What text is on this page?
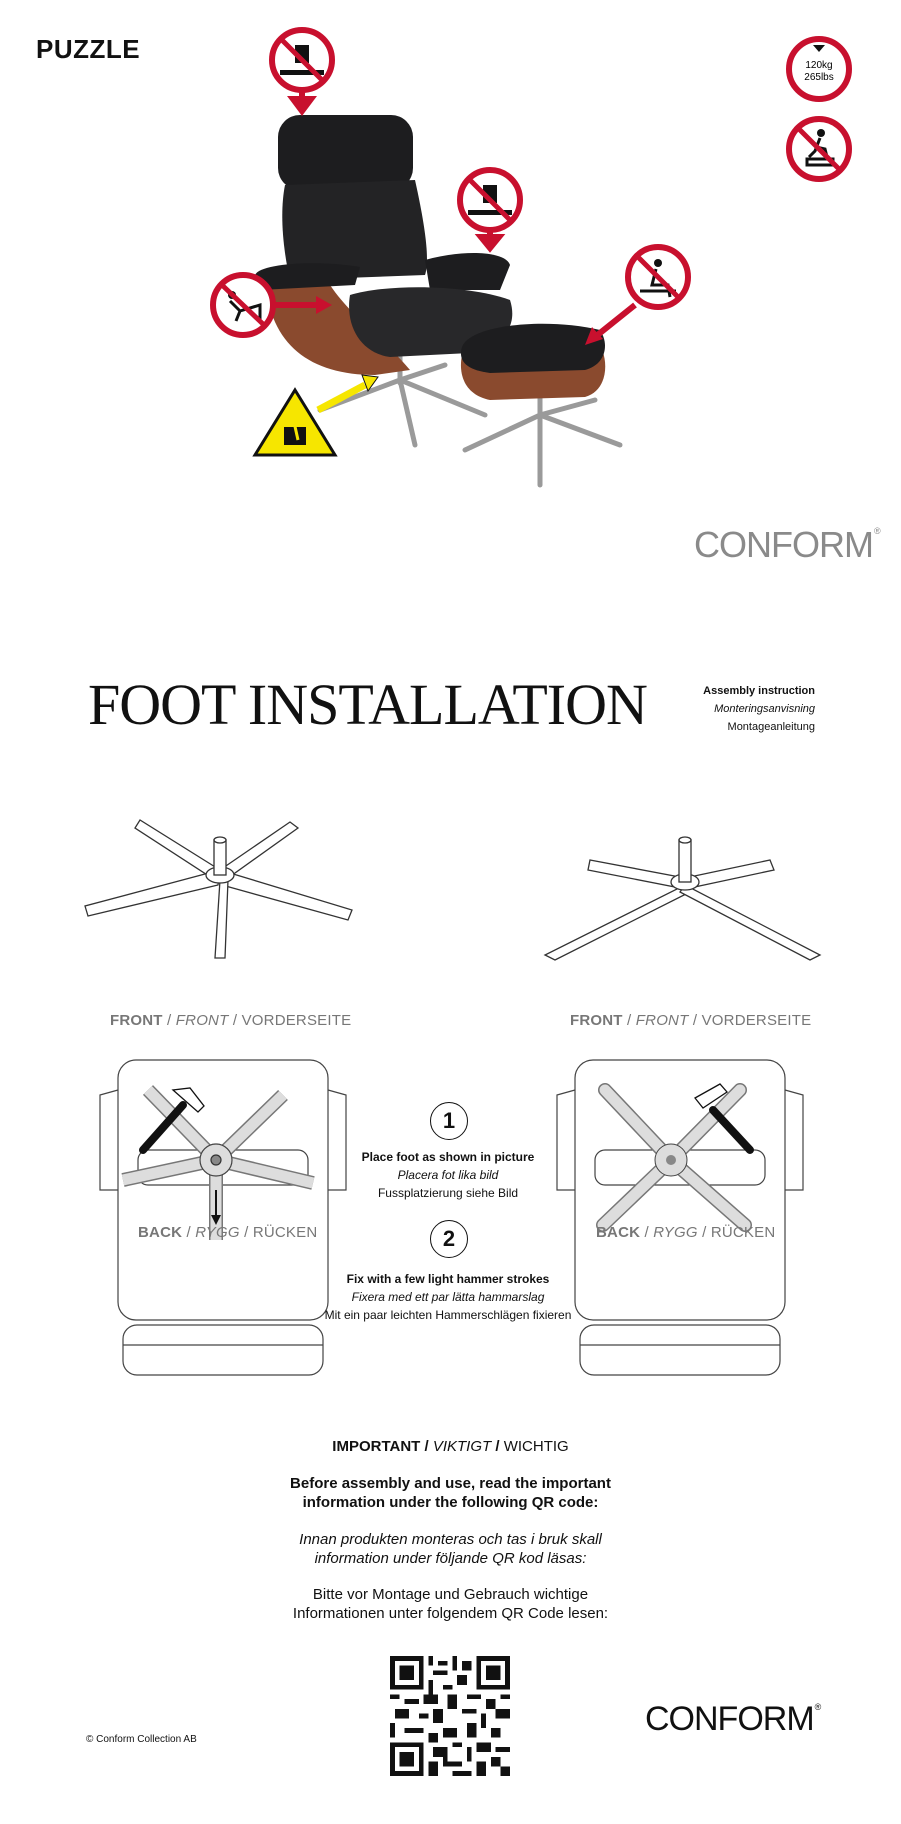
PUZZLE
120kg
265lbs
CONFORM®
FOOT INSTALLATION	Assembly instruction
Monteringsanvisning
Montageanleitung
FRONT / FRONT / VORDERSEITE	FRONT / FRONT / VORDERSEITE
BACK / RYGG / RÜCKEN	BACK / RYGG / RÜCKEN
1
Place foot as shown in picture
Placera fot lika bild
Fussplatzierung siehe Bild
2
Fix with a few light hammer strokes
Fixera med ett par lätta hammarslag
Mit ein paar leichten Hammerschlägen fixieren
IMPORTANT / VIKTIGT / WICHTIG
Before assembly and use, read the important
information under the following QR code:
Innan produkten monteras och tas i bruk skall
information under följande QR kod läsas:
Bitte vor Montage und Gebrauch wichtige
Informationen unter folgendem QR Code lesen:
© Conform Collection AB
CONFORM®
